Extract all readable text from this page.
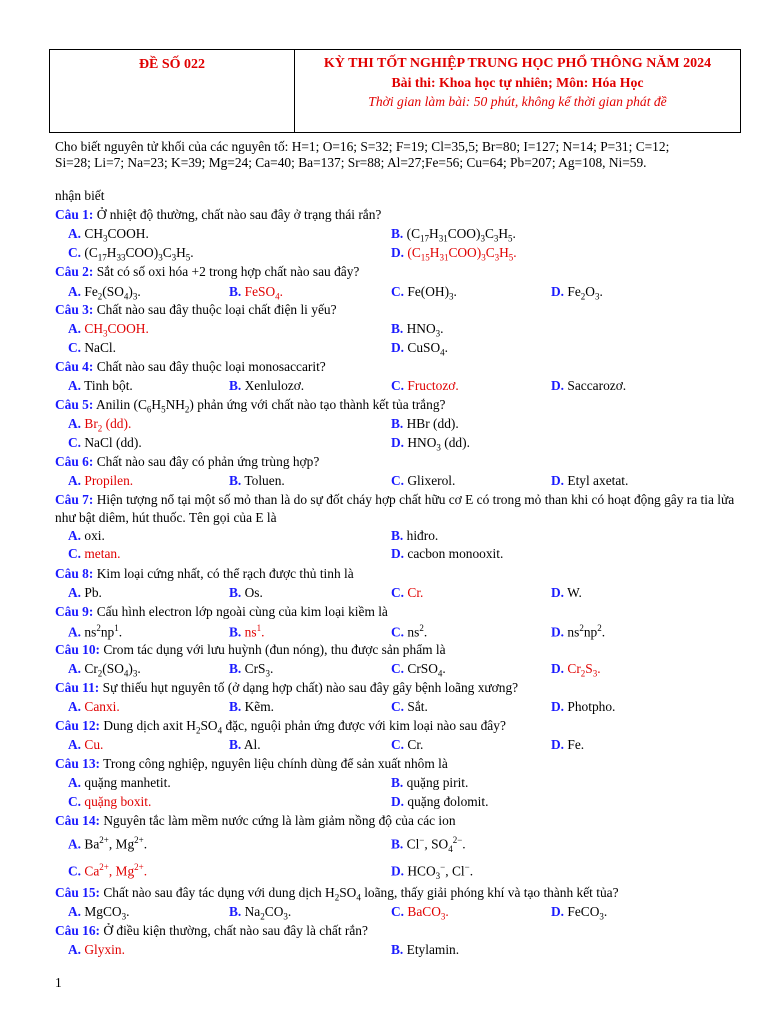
ĐỀ SỐ 022	KỲ THI TỐT NGHIỆP TRUNG HỌC PHỔ THÔNG NĂM 2024
Bài thi: Khoa học tự nhiên; Môn: Hóa Học
Thời gian làm bài: 50 phút, không kể thời gian phát đề
Cho biết nguyên tử khối của các nguyên tố: H=1; O=16; S=32; F=19; Cl=35,5; Br=80; I=127; N=14; P=31; C=12;
Si=28; Li=7; Na=23; K=39; Mg=24; Ca=40; Ba=137; Sr=88; Al=27;Fe=56; Cu=64; Pb=207; Ag=108, Ni=59.
nhận biết
Câu 1: Ở nhiệt độ thường, chất nào sau đây ở trạng thái rắn?
A. $CH_3COOH$.	B. $(C_{17}H_{31}COO)_3C_3H_5$.
C. $(C_{17}H_{33}COO)_3C_3H_5$.	D. $(C_{15}H_{31}COO)_3C_3H_5$.
Câu 2: Sắt có số oxi hóa +2 trong hợp chất nào sau đây?
A. $Fe_2(SO_4)_3$.	B. FeSO$_4$.	C. $Fe(OH)_3$.	D. $Fe_2O_3$.
Câu 3: Chất nào sau đây thuộc loại chất điện li yếu?
A. $CH_3COOH$.	B. $HNO_3$.
C. NaCl.	D. CuSO$_4$.
Câu 4: Chất nào sau đây thuộc loại monosaccarit?
A. Tinh bột.	B. Xenlulozơ.	C. Fructozơ.	D. Saccarozơ.
Câu 5: Anilin $(C_6H_5NH_2)$ phản ứng với chất nào tạo thành kết tủa trắng?
A. $Br_2$ (dd).	B. HBr (dd).
C. NaCl (dd).	D. $HNO_3$ (dd).
Câu 6: Chất nào sau đây có phản ứng trùng hợp?
A. Propilen.	B. Toluen.	C. Glixerol.	D. Etyl axetat.
Câu 7: Hiện tượng nổ tại một số mỏ than là do sự đốt cháy hợp chất hữu cơ E có trong mỏ than khi có hoạt động gây ra tia lửa như bật diêm, hút thuốc. Tên gọi của E là
A. oxi.	B. hiđro.
C. metan.	D. cacbon monooxit.
Câu 8: Kim loại cứng nhất, có thể rạch được thủ tinh là
A. Pb.	B. Os.	C. Cr.	D. W.
Câu 9: Cấu hình electron lớp ngoài cùng của kim loại kiềm là
A. $ns^2np^1$.	B. $ns^1$.	C. $ns^2$.	D. $ns^2np^2$.
Câu 10: Crom tác dụng với lưu huỳnh (đun nóng), thu được sản phẩm là
A. $Cr_2(SO_4)_3$.	B. CrS$_3$.	C. CrSO$_4$.	D. $Cr_2S_3$.
Câu 11: Sự thiếu hụt nguyên tố (ở dạng hợp chất) nào sau đây gây bệnh loãng xương?
A. Canxi.	B. Kẽm.	C. Sắt.	D. Photpho.
Câu 12: Dung dịch axit $H_2SO_4$ đặc, nguội phản ứng được với kim loại nào sau đây?
A. Cu.	B. Al.	C. Cr.	D. Fe.
Câu 13: Trong công nghiệp, nguyên liệu chính dùng để sản xuất nhôm là
A. quặng manhetit.	B. quặng pirit.
C. quặng boxit.	D. quặng đolomit.
Câu 14: Nguyên tắc làm mềm nước cứng là làm giảm nồng độ của các ion
A. $Ba^{2+}$, $Mg^{2+}$.	B. Cl−, $SO_4^{2-}$.
C. $Ca^{2+}$, $Mg^{2+}$.	D. $HCO_3^-$, Cl−.
Câu 15: Chất nào sau đây tác dụng với dung dịch $H_2SO_4$ loãng, thấy giải phóng khí và tạo thành kết tủa?
A. MgCO$_3$.	B. $Na_2CO_3$.	C. BaCO$_3$.	D. FeCO$_3$.
Câu 16: Ở điều kiện thường, chất nào sau đây là chất rắn?
A. Glyxin.	B. Etylamin.
1
